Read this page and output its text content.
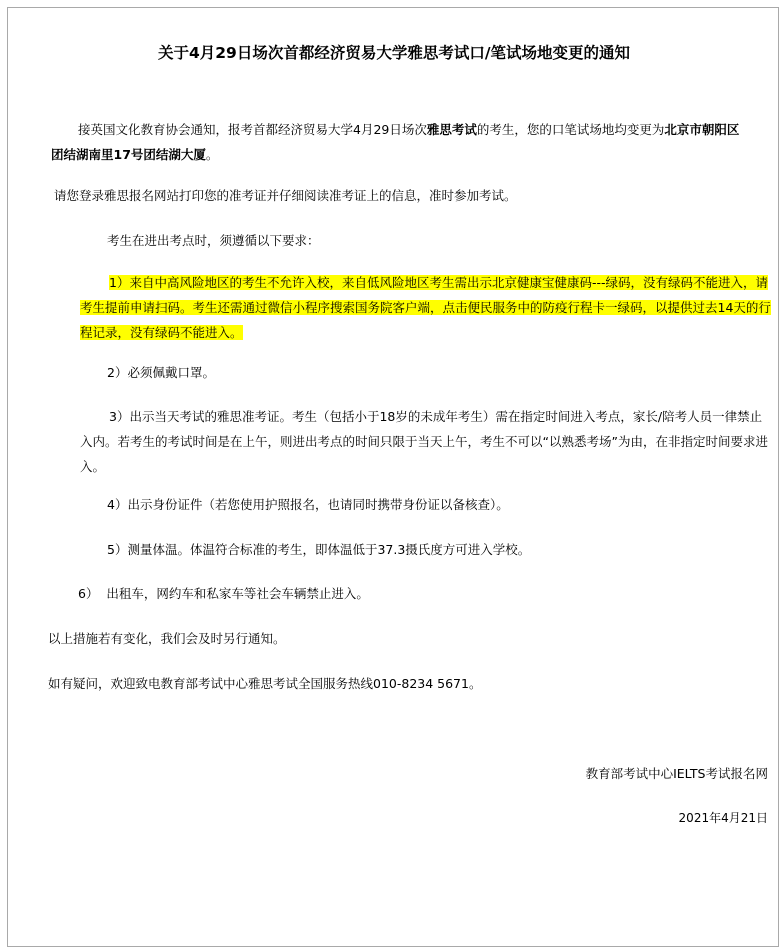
关于4月29日场次首都经济贸易大学雅思考试口/笔试场地变更的通知

接英国文化教育协会通知，报考首都经济贸易大学4月29日场次雅思考试的考生，您的口笔试场地均变更为北京市朝阳区团结湖南里17号团结湖大厦。

请您登录雅思报名网站打印您的准考证并仔细阅读准考证上的信息，准时参加考试。

考生在进出考点时，须遵循以下要求：

1）来自中高风险地区的考生不允许入校，来自低风险地区考生需出示北京健康宝健康码---绿码，没有绿码不能进入，请考生提前申请扫码。考生还需通过微信小程序搜索国务院客户端，点击便民服务中的防疫行程卡一绿码，以提供过去14天的行程记录，没有绿码不能进入。

2）必须佩戴口罩。

3）出示当天考试的雅思准考证。考生（包括小于18岁的未成年考生）需在指定时间进入考点，家长/陪考人员一律禁止入内。若考生的考试时间是在上午，则进出考点的时间只限于当天上午，考生不可以“以熟悉考场”为由，在非指定时间要求进入。

4）出示身份证件（若您使用护照报名，也请同时携带身份证以备核查）。

5）测量体温。体温符合标准的考生，即体温低于37.3摄氏度方可进入学校。

6）  出租车，网约车和私家车等社会车辆禁止进入。

以上措施若有变化，我们会及时另行通知。

如有疑问，欢迎致电教育部考试中心雅思考试全国服务热线010-8234 5671。

教育部考试中心IELTS考试报名网

2021年4月21日
